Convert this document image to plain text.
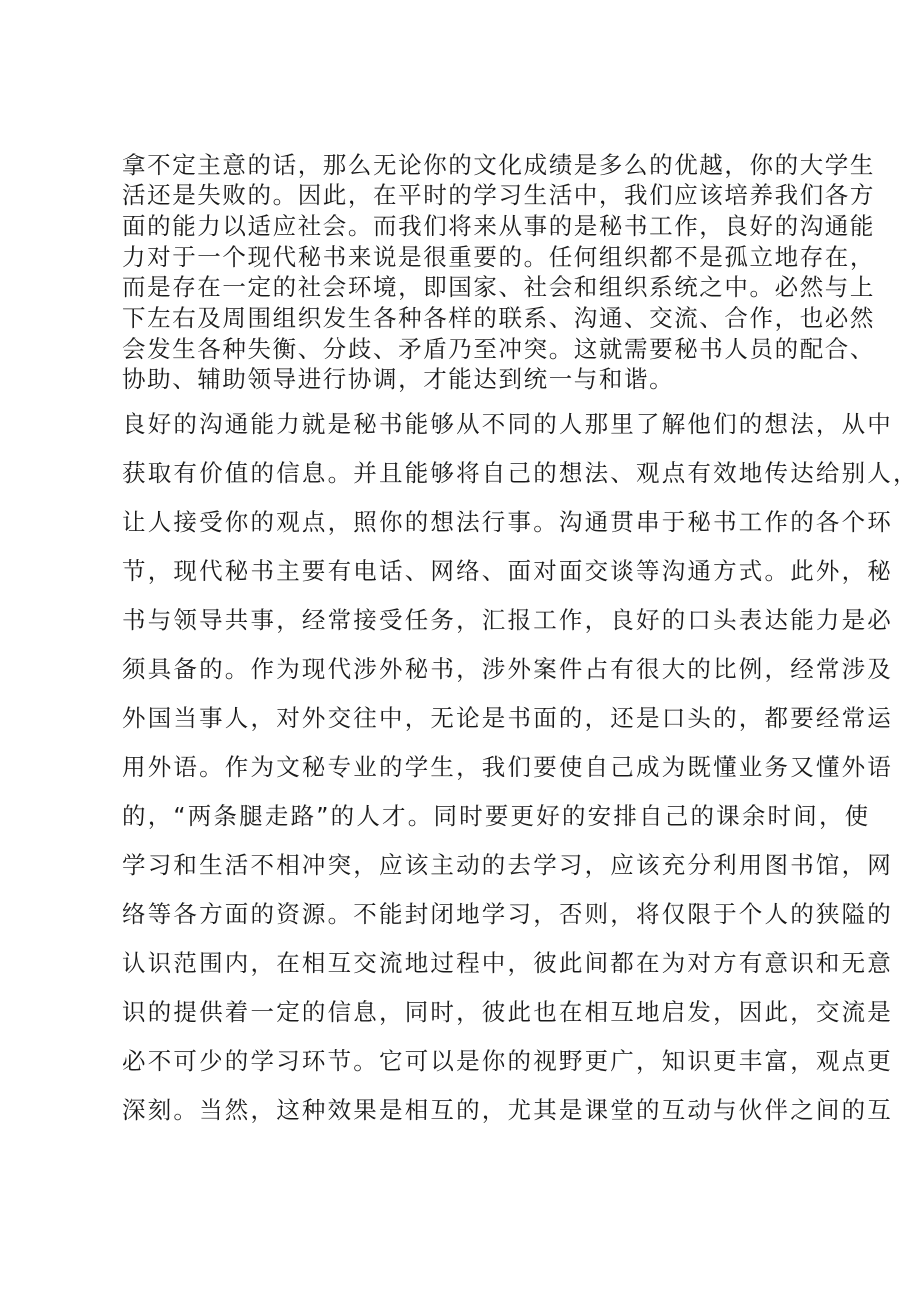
拿不定主意的话，那么无论你的文化成绩是多么的优越，你的大学生
活还是失败的。因此，在平时的学习生活中，我们应该培养我们各方
面的能力以适应社会。而我们将来从事的是秘书工作，良好的沟通能
力对于一个现代秘书来说是很重要的。任何组织都不是孤立地存在，
而是存在一定的社会环境，即国家、社会和组织系统之中。必然与上
下左右及周围组织发生各种各样的联系、沟通、交流、合作，也必然
会发生各种失衡、分歧、矛盾乃至冲突。这就需要秘书人员的配合、
协助、辅助领导进行协调，才能达到统一与和谐。
良好的沟通能力就是秘书能够从不同的人那里了解他们的想法，从中
获取有价值的信息。并且能够将自己的想法、观点有效地传达给别人，
让人接受你的观点，照你的想法行事。沟通贯串于秘书工作的各个环
节，现代秘书主要有电话、网络、面对面交谈等沟通方式。此外，秘
书与领导共事，经常接受任务，汇报工作，良好的口头表达能力是必
须具备的。作为现代涉外秘书，涉外案件占有很大的比例，经常涉及
外国当事人，对外交往中，无论是书面的，还是口头的，都要经常运
用外语。作为文秘专业的学生，我们要使自己成为既懂业务又懂外语
的，“两条腿走路”的人才。同时要更好的安排自己的课余时间，使
学习和生活不相冲突，应该主动的去学习，应该充分利用图书馆，网
络等各方面的资源。不能封闭地学习，否则，将仅限于个人的狭隘的
认识范围内，在相互交流地过程中，彼此间都在为对方有意识和无意
识的提供着一定的信息，同时，彼此也在相互地启发，因此，交流是
必不可少的学习环节。它可以是你的视野更广，知识更丰富，观点更
深刻。当然，这种效果是相互的，尤其是课堂的互动与伙伴之间的互
